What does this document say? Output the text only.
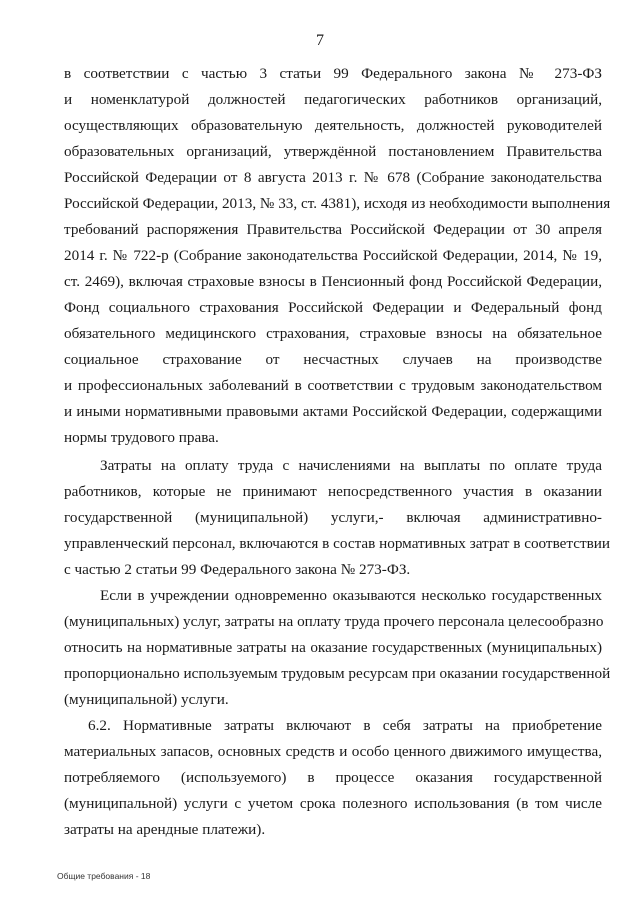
7
в соответствии с частью 3 статьи 99 Федерального закона № 273-ФЗ
и номенклатурой должностей педагогических работников организаций,
осуществляющих образовательную деятельность, должностей руководителей
образовательных организаций, утверждённой постановлением Правительства
Российской Федерации от 8 августа 2013 г. № 678 (Собрание законодательства
Российской Федерации, 2013, № 33, ст. 4381), исходя из необходимости выполнения
требований распоряжения Правительства Российской Федерации от 30 апреля
2014 г. № 722-р (Собрание законодательства Российской Федерации, 2014, № 19,
ст. 2469), включая страховые взносы в Пенсионный фонд Российской Федерации,
Фонд социального страхования Российской Федерации и Федеральный фонд
обязательного медицинского страхования, страховые взносы на обязательное
социальное страхование от несчастных случаев на производстве
и профессиональных заболеваний в соответствии с трудовым законодательством
и иными нормативными правовыми актами Российской Федерации, содержащими
нормы трудового права.
Затраты на оплату труда с начислениями на выплаты по оплате труда
работников, которые не принимают непосредственного участия в оказании
государственной (муниципальной) услуги,- включая административно-
управленческий персонал, включаются в состав нормативных затрат в соответствии
с частью 2 статьи 99 Федерального закона № 273-ФЗ.
Если в учреждении одновременно оказываются несколько государственных
(муниципальных) услуг, затраты на оплату труда прочего персонала целесообразно
относить на нормативные затраты на оказание государственных (муниципальных)
пропорционально используемым трудовым ресурсам при оказании государственной
(муниципальной) услуги.
6.2. Нормативные затраты включают в себя затраты на приобретение
материальных запасов, основных средств и особо ценного движимого имущества,
потребляемого (используемого) в процессе оказания государственной
(муниципальной) услуги с учетом срока полезного использования (в том числе
затраты на арендные платежи).
Общие требования - 18
